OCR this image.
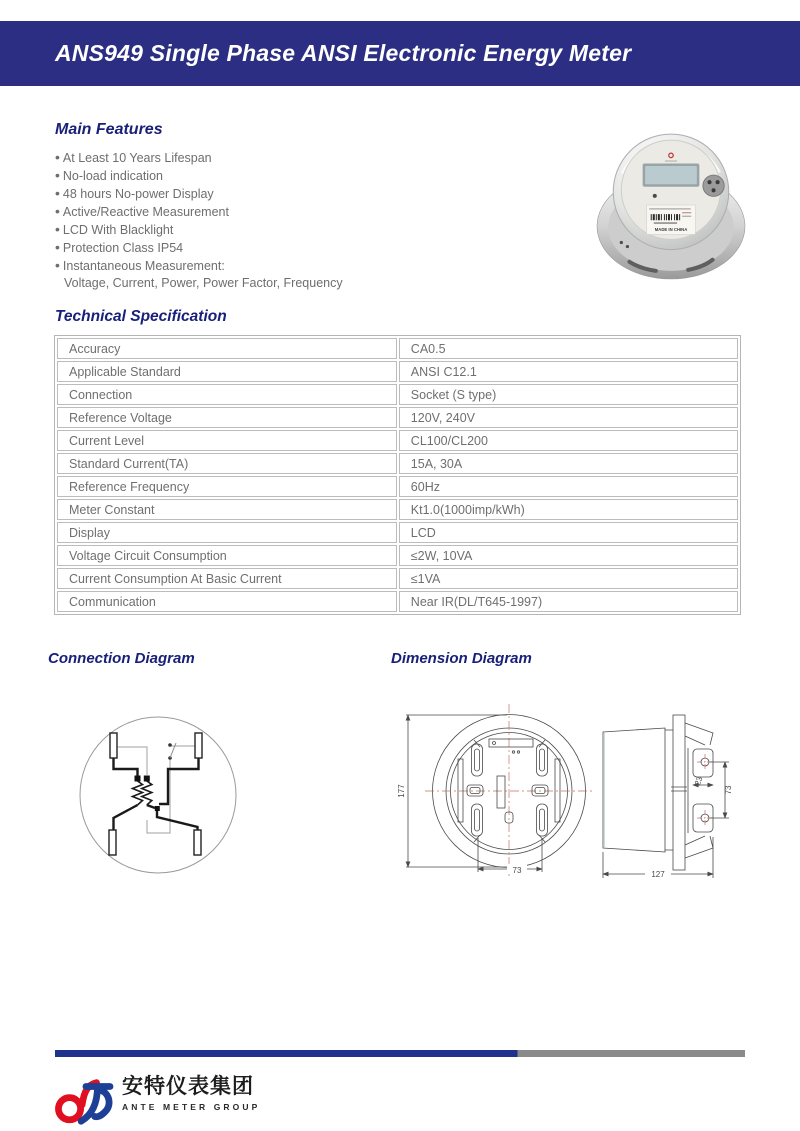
ANS949 Single Phase ANSI Electronic Energy Meter
Main Features
• At Least 10 Years Lifespan
• No-load indication
• 48 hours No-power Display
• Active/Reactive Measurement
• LCD With Blacklight
• Protection Class IP54
• Instantaneous Measurement:
Voltage, Current, Power, Power Factor, Frequency
MADE IN CHINA
Technical Specification
Accuracy	CA0.5
Applicable Standard	ANSI C12.1
Connection	Socket (S type)
Reference Voltage	120V, 240V
Current Level	CL100/CL200
Standard Current(TA)	15A, 30A
Reference Frequency	60Hz
Meter Constant	Kt1.0(1000imp/kWh)
Display	LCD
Voltage Circuit Consumption	≤2W, 10VA
Current Consumption At Basic Current	≤1VA
Communication	Near IR(DL/T645-1997)
Connection Diagram	Dimension Diagram
177
73
23
73
127
安特仪表集团
ANTE METER GROUP
